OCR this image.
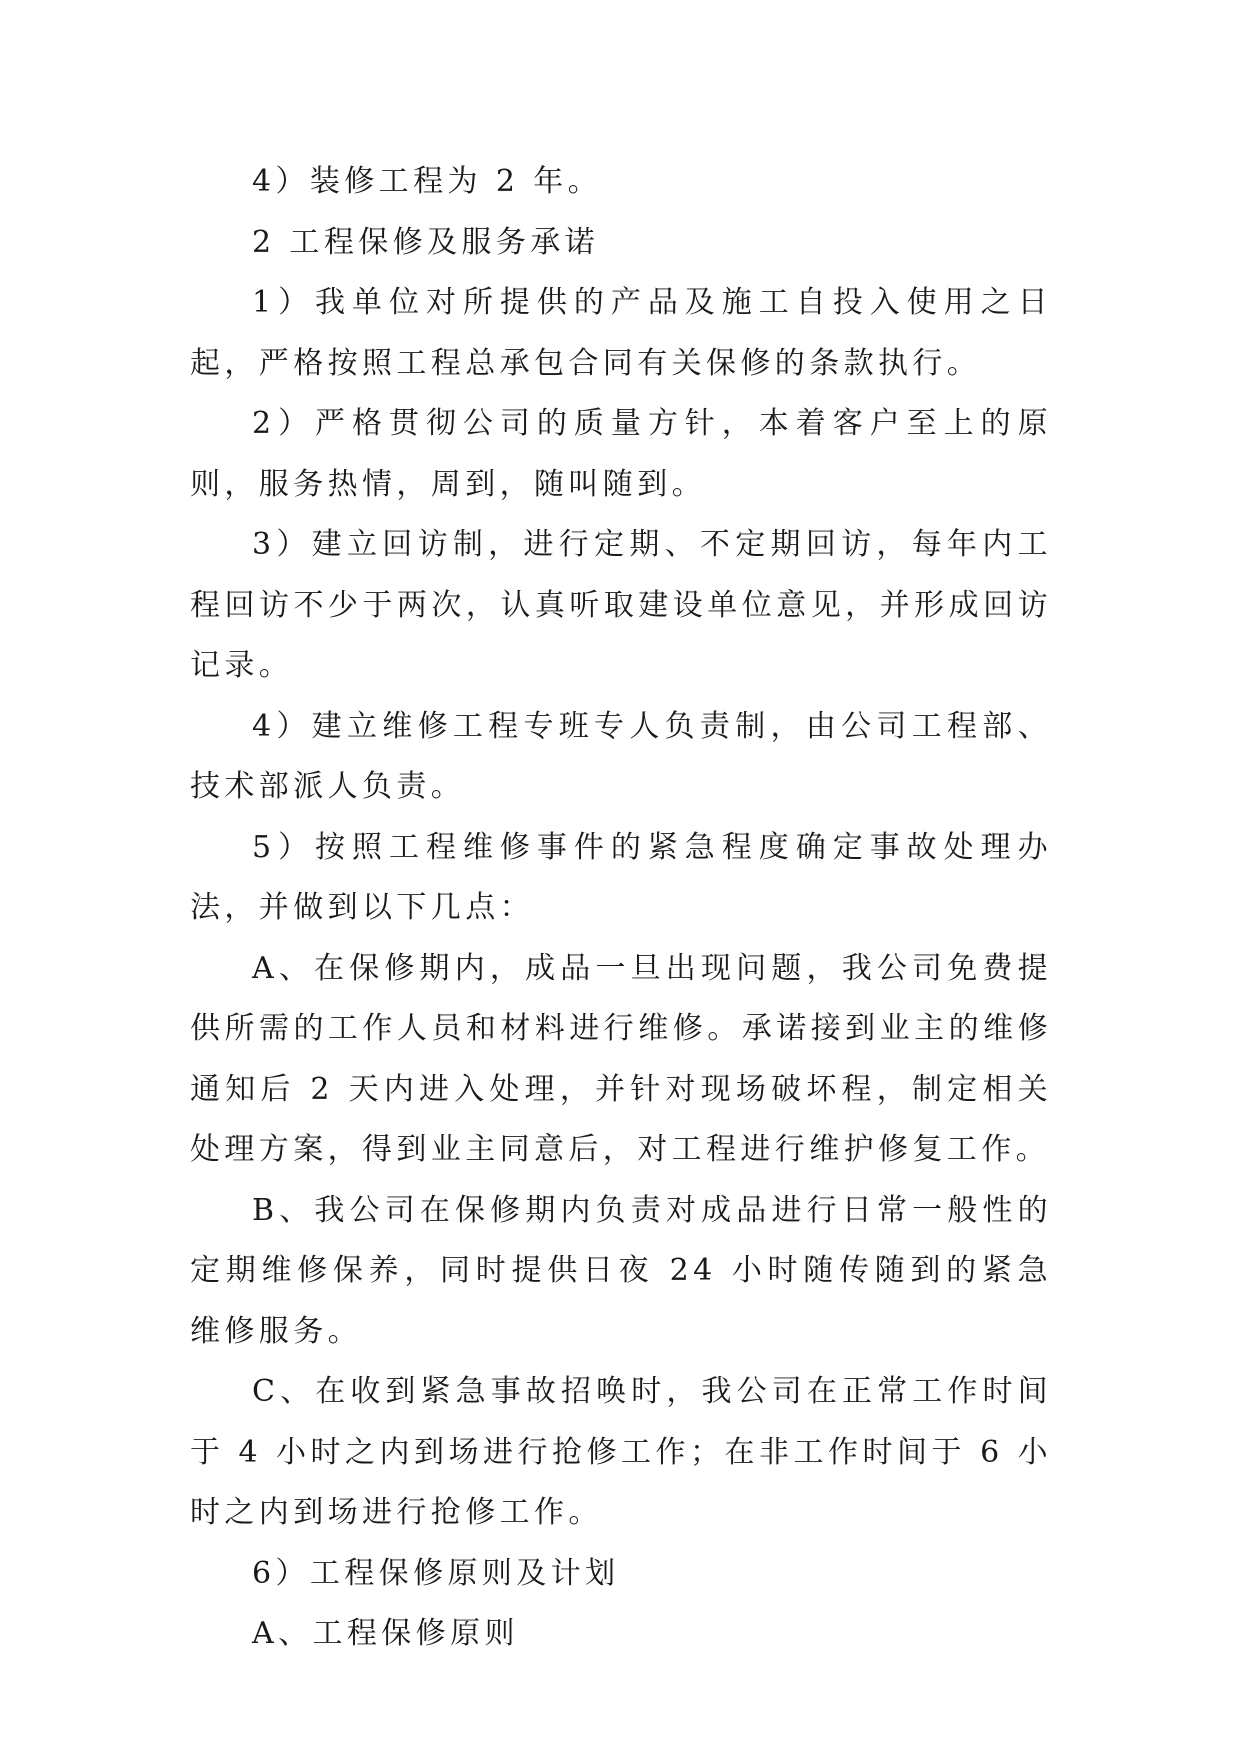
4）装修工程为 2 年。

2 工程保修及服务承诺

1）我单位对所提供的产品及施工自投入使用之日起，严格按照工程总承包合同有关保修的条款执行。

2）严格贯彻公司的质量方针，本着客户至上的原则，服务热情，周到，随叫随到。

3）建立回访制，进行定期、不定期回访，每年内工程回访不少于两次，认真听取建设单位意见，并形成回访记录。

4）建立维修工程专班专人负责制，由公司工程部、技术部派人负责。

5）按照工程维修事件的紧急程度确定事故处理办法，并做到以下几点：

A、在保修期内，成品一旦出现问题，我公司免费提供所需的工作人员和材料进行维修。承诺接到业主的维修通知后 2 天内进入处理，并针对现场破坏程，制定相关处理方案，得到业主同意后，对工程进行维护修复工作。

B、我公司在保修期内负责对成品进行日常一般性的定期维修保养，同时提供日夜 24 小时随传随到的紧急维修服务。

C、在收到紧急事故招唤时，我公司在正常工作时间于 4 小时之内到场进行抢修工作；在非工作时间于 6 小时之内到场进行抢修工作。

6）工程保修原则及计划

A、工程保修原则
